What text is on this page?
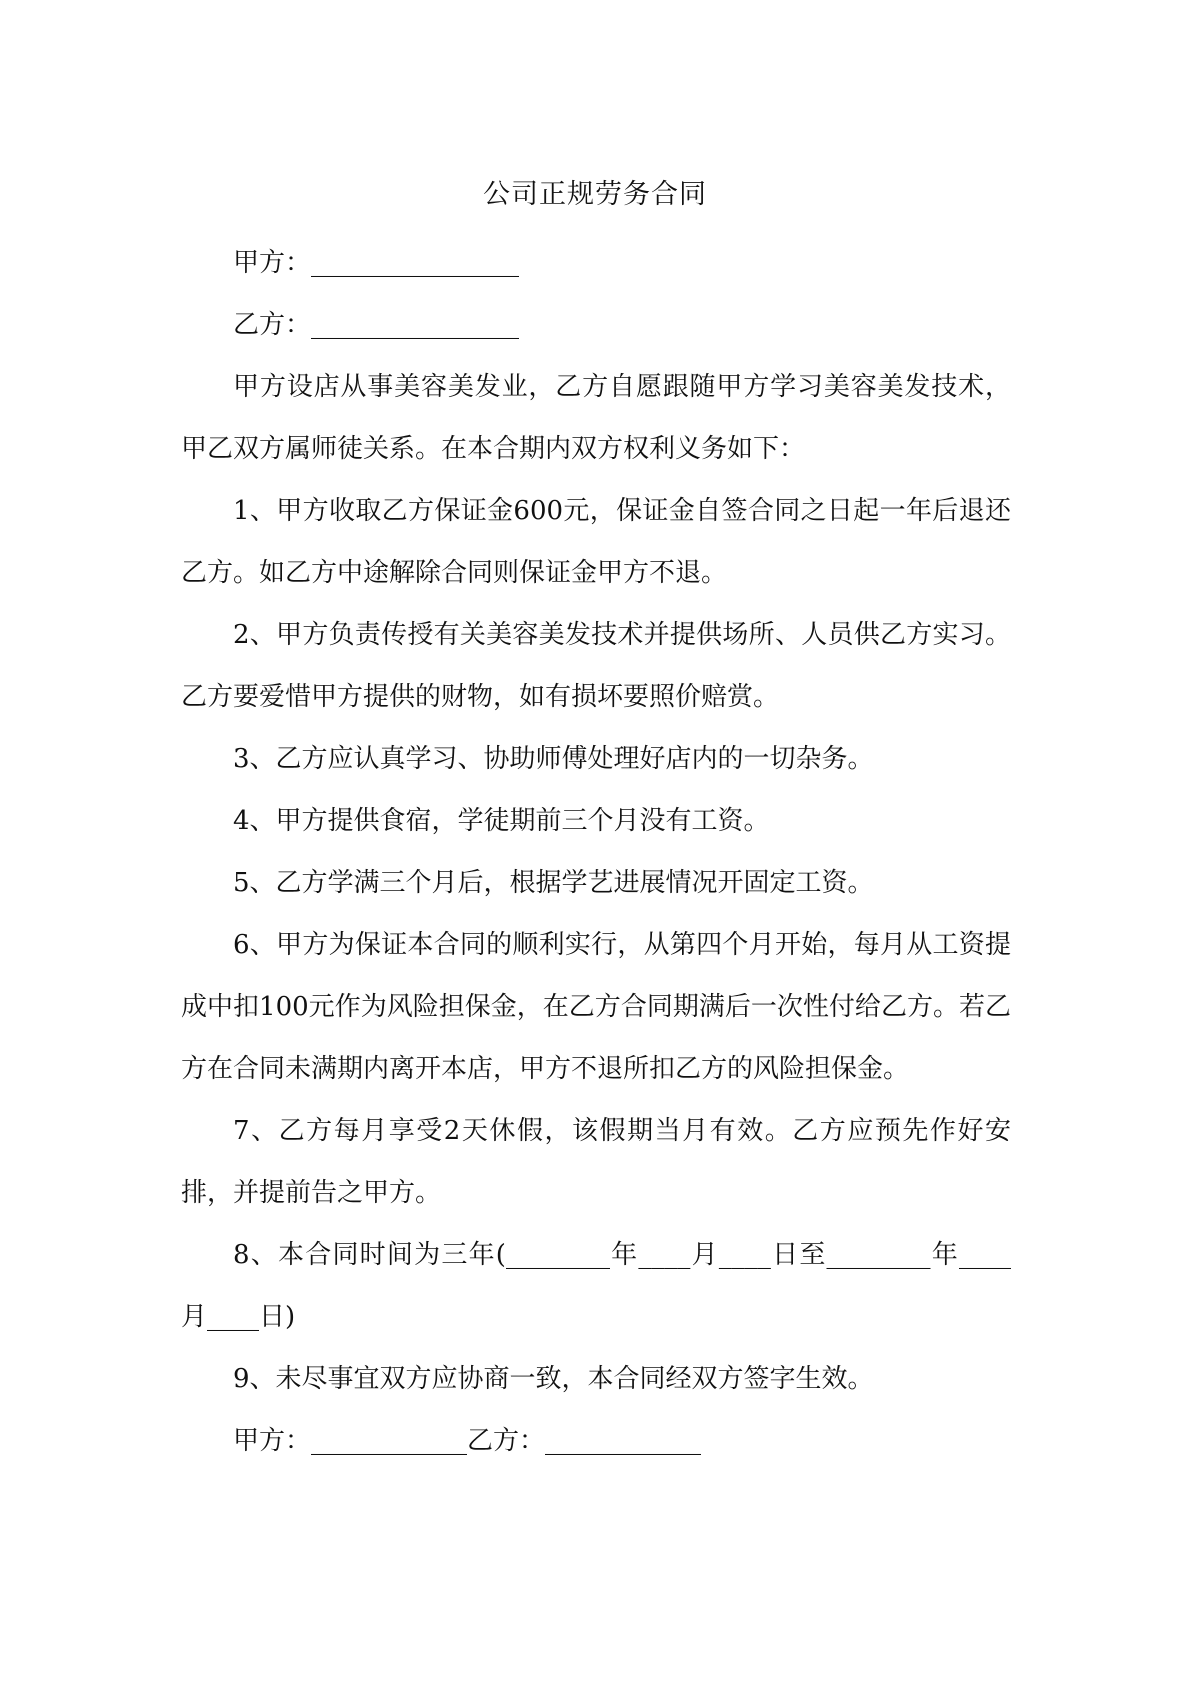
公司正规劳务合同

甲方：________________

乙方：________________

甲方设店从事美容美发业，乙方自愿跟随甲方学习美容美发技术，甲乙双方属师徒关系。在本合期内双方权利义务如下：

1、甲方收取乙方保证金600元，保证金自签合同之日起一年后退还乙方。如乙方中途解除合同则保证金甲方不退。

2、甲方负责传授有关美容美发技术并提供场所、人员供乙方实习。乙方要爱惜甲方提供的财物，如有损坏要照价赔赏。

3、乙方应认真学习、协助师傅处理好店内的一切杂务。

4、甲方提供食宿，学徒期前三个月没有工资。

5、乙方学满三个月后，根据学艺进展情况开固定工资。

6、甲方为保证本合同的顺利实行，从第四个月开始，每月从工资提成中扣100元作为风险担保金，在乙方合同期满后一次性付给乙方。若乙方在合同未满期内离开本店，甲方不退所扣乙方的风险担保金。

7、乙方每月享受2天休假，该假期当月有效。乙方应预先作好安排，并提前告之甲方。

8、本合同时间为三年(________年____月____日至________年____月____日)

9、未尽事宜双方应协商一致，本合同经双方签字生效。

甲方：____________乙方：____________
